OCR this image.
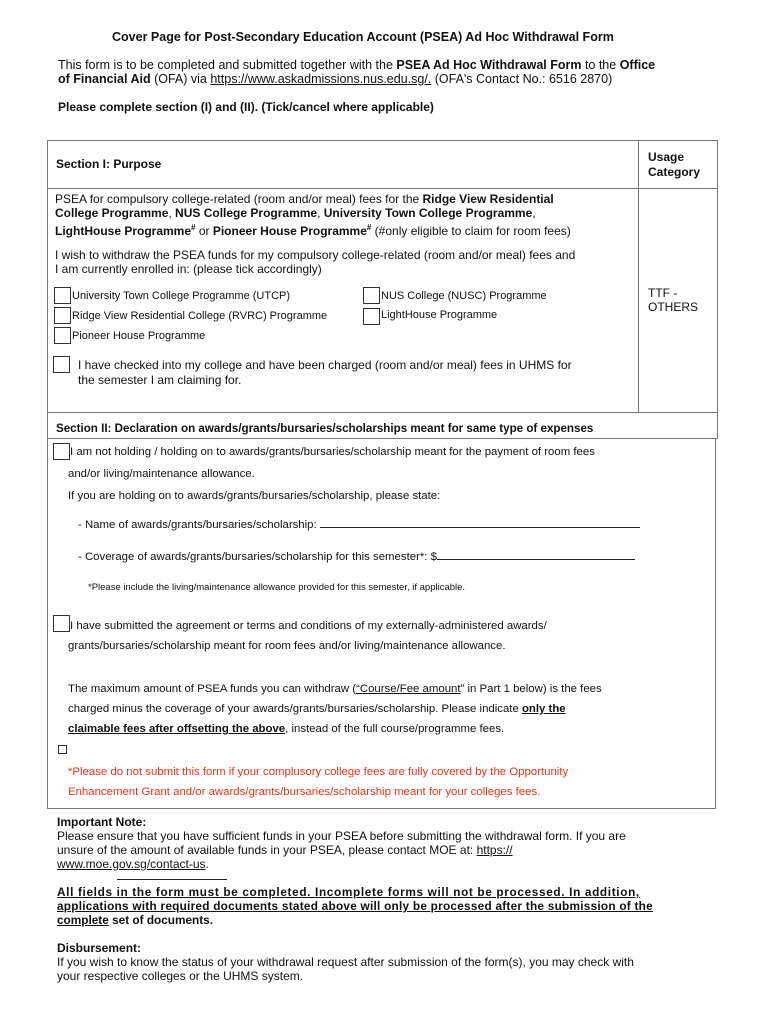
Cover Page for Post-Secondary Education Account (PSEA) Ad Hoc Withdrawal Form
This form is to be completed and submitted together with the PSEA Ad Hoc Withdrawal Form to the Office
of Financial Aid (OFA) via https://www.askadmissions.nus.edu.sg/. (OFA's Contact No.: 6516 2870)
Please complete section (I) and (II). (Tick/cancel where applicable)
Section I: Purpose	Usage
Category
PSEA for compulsory college-related (room and/or meal) fees for the Ridge View Residential
College Programme, NUS College Programme, University Town College Programme,
LightHouse Programme# or Pioneer House Programme# (#only eligible to claim for room fees)
I wish to withdraw the PSEA funds for my compulsory college-related (room and/or meal) fees and
I am currently enrolled in: (please tick accordingly)
TTF -
OTHERS
University Town College Programme (UTCP)	NUS College (NUSC) Programme
Ridge View Residential College (RVRC) Programme	LightHouse Programme
Pioneer House Programme
I have checked into my college and have been charged (room and/or meal) fees in UHMS for
the semester I am claiming for.
Section II: Declaration on awards/grants/bursaries/scholarships meant for same type of expenses
I am not holding / holding on to awards/grants/bursaries/scholarship meant for the payment of room fees
and/or living/maintenance allowance.
If you are holding on to awards/grants/bursaries/scholarship, please state:
- Name of awards/grants/bursaries/scholarship:
- Coverage of awards/grants/bursaries/scholarship for this semester*: $
*Please include the living/maintenance allowance provided for this semester, if applicable.
I have submitted the agreement or terms and conditions of my externally-administered awards/
grants/bursaries/scholarship meant for room fees and/or living/maintenance allowance.
The maximum amount of PSEA funds you can withdraw (“Course/Fee amount” in Part 1 below) is the fees
charged minus the coverage of your awards/grants/bursaries/scholarship. Please indicate only the
claimable fees after offsetting the above, instead of the full course/programme fees.
*Please do not submit this form if your complusory college fees are fully covered by the Opportunity
Enhancement Grant and/or awards/grants/bursaries/scholarship meant for your colleges fees.
Important Note:
Please ensure that you have sufficient funds in your PSEA before submitting the withdrawal form. If you are
unsure of the amount of available funds in your PSEA, please contact MOE at: https://
www.moe.gov.sg/contact-us.
All fields in the form must be completed. Incomplete forms will not be processed. In addition,
applications with required documents stated above will only be processed after the submission of the
complete set of documents.
Disbursement:
If you wish to know the status of your withdrawal request after submission of the form(s), you may check with
your respective colleges or the UHMS system.
